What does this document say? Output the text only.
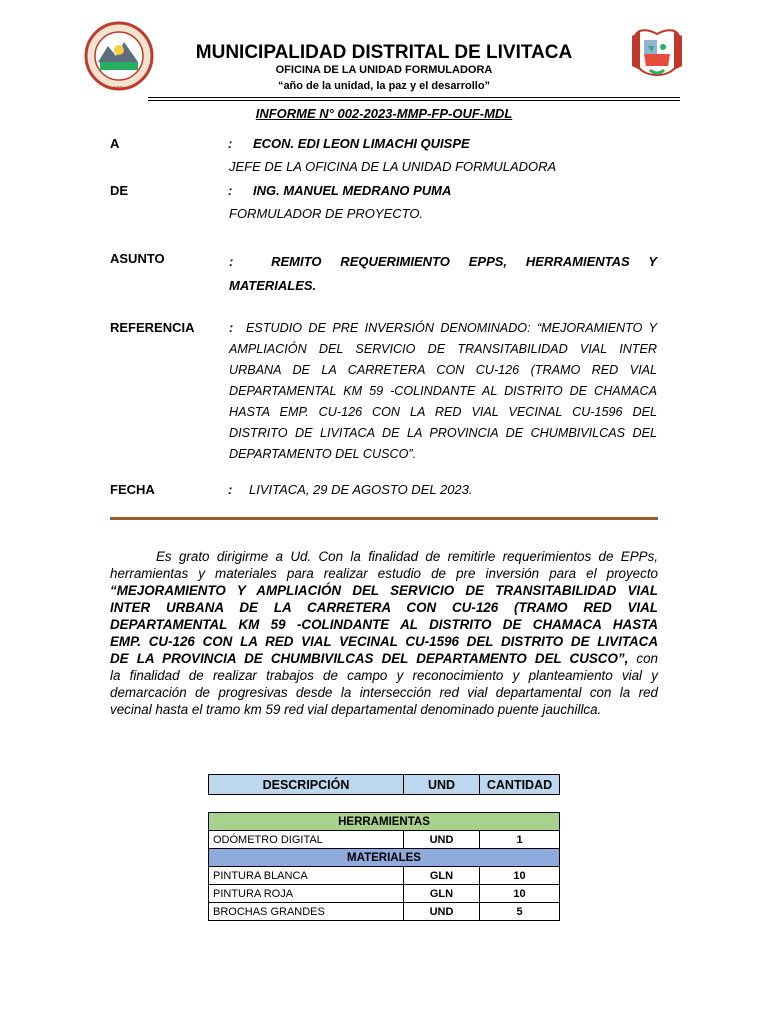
MDL
MUNICIPALIDAD DISTRITAL DE LIVITACA
OFICINA DE LA UNIDAD FORMULADORA
“año de la unidad, la paz y el desarrollo”
INFORME N° 002-2023-MMP-FP-OUF-MDL
A	: ECON. EDI LEON LIMACHI QUISPE
JEFE DE LA OFICINA DE LA UNIDAD FORMULADORA
DE	: ING. MANUEL MEDRANO PUMA
FORMULADOR DE PROYECTO.
ASUNTO	:	REMITO REQUERIMIENTO EPPS, HERRAMIENTAS Y
MATERIALES.
REFERENCIA	: ESTUDIO DE PRE INVERSIÓN DENOMINADO: “MEJORAMIENTO Y
AMPLIACIÓN DEL SERVICIO DE TRANSITABILIDAD VIAL INTER
URBANA DE LA CARRETERA CON CU-126 (TRAMO RED VIAL
DEPARTAMENTAL KM 59 -COLINDANTE AL DISTRITO DE CHAMACA
HASTA EMP. CU-126 CON LA RED VIAL VECINAL CU-1596 DEL
DISTRITO DE LIVITACA DE LA PROVINCIA DE CHUMBIVILCAS DEL
DEPARTAMENTO DEL CUSCO”.
FECHA	: LIVITACA, 29 DE AGOSTO DEL 2023.
Es grato dirigirme a Ud. Con la finalidad de remitirle requerimientos de EPPs,
herramientas y materiales para realizar estudio de pre inversión para el proyecto
“MEJORAMIENTO Y AMPLIACIÓN DEL SERVICIO DE TRANSITABILIDAD VIAL
INTER URBANA DE LA CARRETERA CON CU-126 (TRAMO RED VIAL
DEPARTAMENTAL KM 59 -COLINDANTE AL DISTRITO DE CHAMACA HASTA
EMP. CU-126 CON LA RED VIAL VECINAL CU-1596 DEL DISTRITO DE LIVITACA
DE LA PROVINCIA DE CHUMBIVILCAS DEL DEPARTAMENTO DEL CUSCO”, con
la finalidad de realizar trabajos de campo y reconocimiento y planteamiento vial y
demarcación de progresivas desde la intersección red vial departamental con la red
vecinal hasta el tramo km 59 red vial departamental denominado puente jauchillca.
DESCRIPCIÓN	UND	CANTIDAD
HERRAMIENTAS		
ODÓMETRO DIGITAL	UND	1
MATERIALES		
PINTURA BLANCA	GLN	10
PINTURA ROJA	GLN	10
BROCHAS GRANDES	UND	5
